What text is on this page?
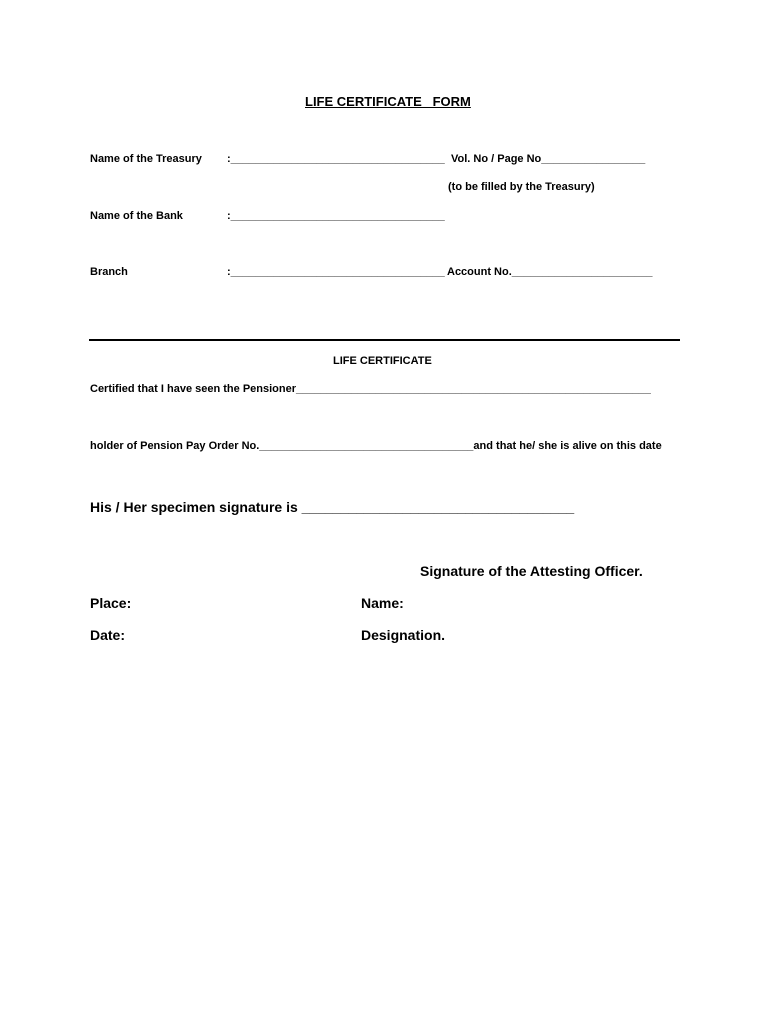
LIFE CERTIFICATE   FORM
Name of the Treasury :___________________________________ Vol. No / Page No_________________
(to be filled by the Treasury)
Name of the Bank	:___________________________________
Branch	:___________________________________ Account No._______________________
LIFE CERTIFICATE
Certified that I have seen the Pensioner__________________________________________________________
holder of Pension Pay Order No.___________________________________and that he/ she is alive on this date
His / Her specimen signature is ___________________________________
Signature of the Attesting Officer.
Place:	Name:
Date:	Designation.
